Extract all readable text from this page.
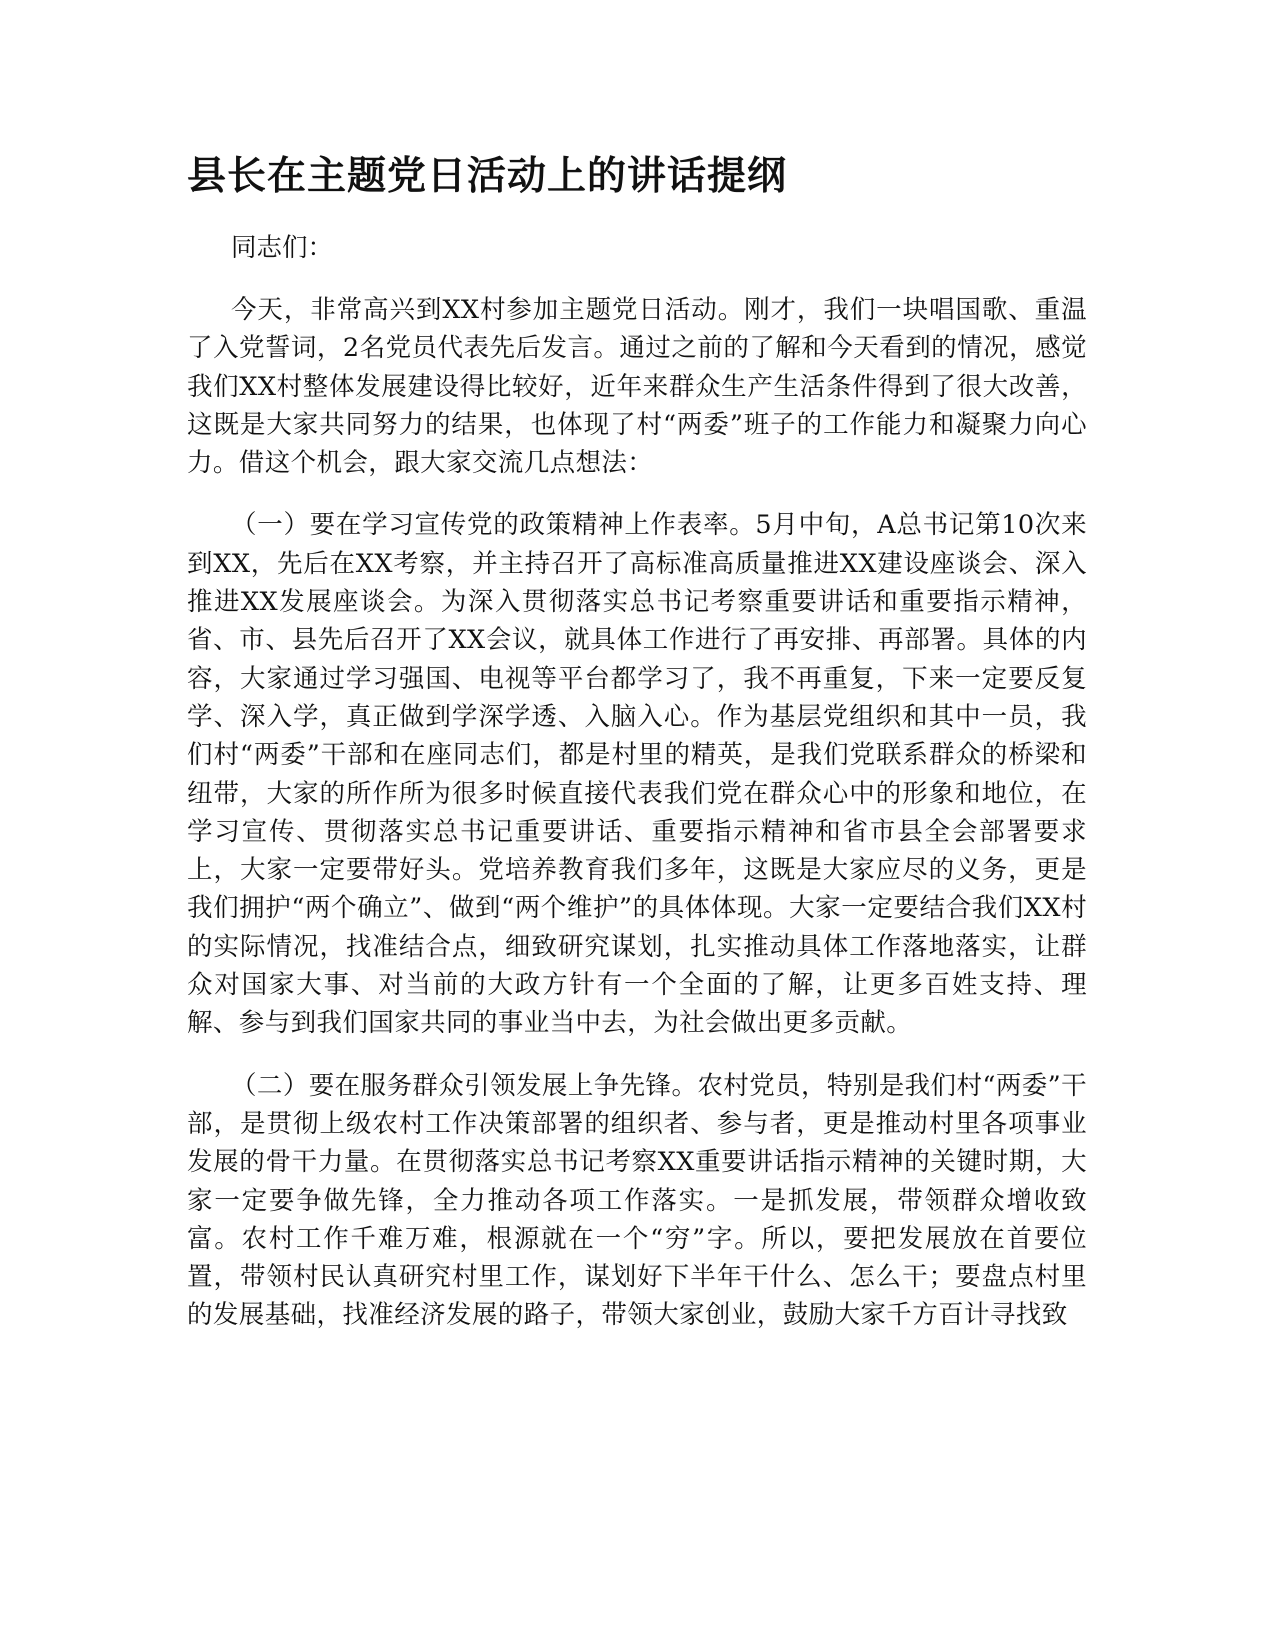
县长在主题党日活动上的讲话提纲

同志们：

今天，非常高兴到XX村参加主题党日活动。刚才，我们一块唱国歌、重温了入党誓词，2名党员代表先后发言。通过之前的了解和今天看到的情况，感觉我们XX村整体发展建设得比较好，近年来群众生产生活条件得到了很大改善，这既是大家共同努力的结果，也体现了村“两委”班子的工作能力和凝聚力向心力。借这个机会，跟大家交流几点想法：

（一）要在学习宣传党的政策精神上作表率。5月中旬，A总书记第10次来到XX，先后在XX考察，并主持召开了高标准高质量推进XX建设座谈会、深入推进XX发展座谈会。为深入贯彻落实总书记考察重要讲话和重要指示精神，省、市、县先后召开了XX会议，就具体工作进行了再安排、再部署。具体的内容，大家通过学习强国、电视等平台都学习了，我不再重复，下来一定要反复学、深入学，真正做到学深学透、入脑入心。作为基层党组织和其中一员，我们村“两委”干部和在座同志们，都是村里的精英，是我们党联系群众的桥梁和纽带，大家的所作所为很多时候直接代表我们党在群众心中的形象和地位，在学习宣传、贯彻落实总书记重要讲话、重要指示精神和省市县全会部署要求上，大家一定要带好头。党培养教育我们多年，这既是大家应尽的义务，更是我们拥护“两个确立”、做到“两个维护”的具体体现。大家一定要结合我们XX村的实际情况，找准结合点，细致研究谋划，扎实推动具体工作落地落实，让群众对国家大事、对当前的大政方针有一个全面的了解，让更多百姓支持、理解、参与到我们国家共同的事业当中去，为社会做出更多贡献。

（二）要在服务群众引领发展上争先锋。农村党员，特别是我们村“两委”干部，是贯彻上级农村工作决策部署的组织者、参与者，更是推动村里各项事业发展的骨干力量。在贯彻落实总书记考察XX重要讲话指示精神的关键时期，大家一定要争做先锋，全力推动各项工作落实。一是抓发展，带领群众增收致富。农村工作千难万难，根源就在一个“穷”字。所以，要把发展放在首要位置，带领村民认真研究村里工作，谋划好下半年干什么、怎么干；要盘点村里的发展基础，找准经济发展的路子，带领大家创业，鼓励大家千方百计寻找致
